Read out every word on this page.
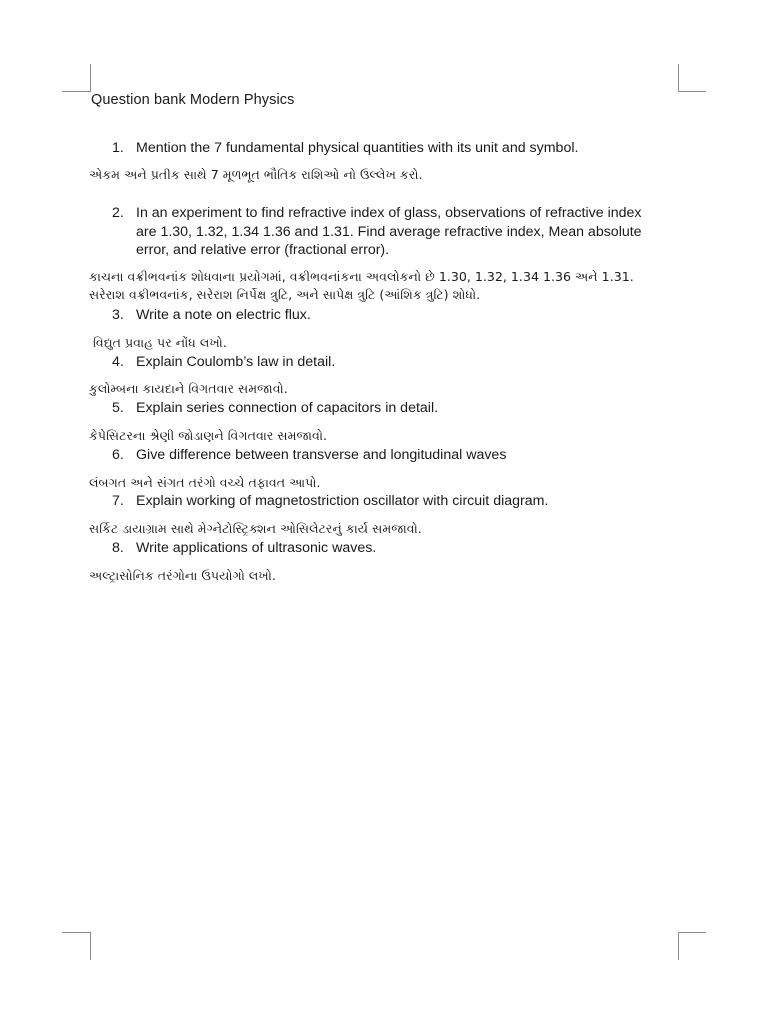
Question bank Modern Physics
1. Mention the 7 fundamental physical quantities with its unit and symbol.
એકમ અને પ્રતીક સાથે 7 મૂળભૂત ભૌતિક રાશિઓ નો ઉલ્લેખ કરો.
2. In an experiment to find refractive index of glass, observations of refractive index are 1.30, 1.32, 1.34 1.36 and 1.31. Find average refractive index, Mean absolute error, and relative error (fractional error).
કાચના વક્રીભવનાંક શોધવાના પ્રયોગમાં, વક્રીભવનાંકના અવલોકનો છે 1.30, 1.32, 1.34 1.36 અને 1.31. સરેરાશ વક્રીભવનાંક, સરેરાશ નિર્પેક્ષ ત્રુટિ, અને સાપેક્ષ ત્રુટિ (આંશિક ત્રુટિ) શોધો.
3. Write a note on electric flux.
વિદ્યુત પ્રવાહ પર નોંધ લખો.
4. Explain Coulomb’s law in detail.
કુલોમ્બના કાયદાને વિગતવાર સમજાવો.
5. Explain series connection of capacitors in detail.
કેપેસિટરના શ્રેણી જોડાણને વિગતવાર સમજાવો.
6. Give difference between transverse and longitudinal waves
લંબગત અને સંગત તરંગો વચ્ચે તફાવત આપો.
7. Explain working of magnetostriction oscillator with circuit diagram.
સર્કિટ ડાયાગ્રામ સાથે મેગ્નેટોસ્ટ્રિક્શન ઓસિલેટરનું કાર્ય સમજાવો.
8. Write applications of ultrasonic waves.
અલ્ટ્રાસોનિક તરંગોના ઉપયોગો લખો.
